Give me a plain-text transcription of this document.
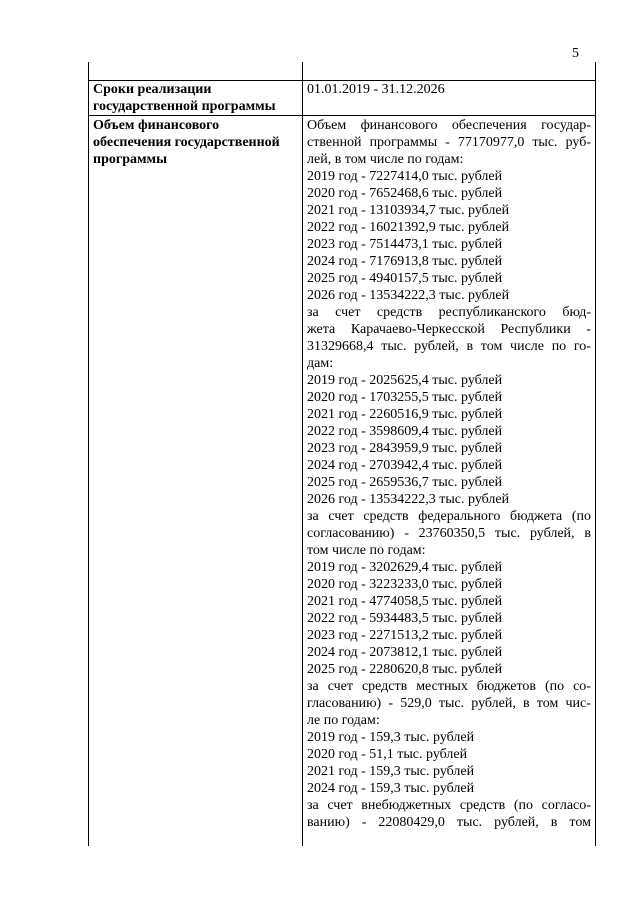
5
Сроки реализации
государственной программы
01.01.2019 - 31.12.2026
Объем финансового
обеспечения государственной
программы
Объем финансового обеспечения государ-
ственной программы - 77170977,0 тыс. руб-
лей, в том числе по годам:
2019 год - 7227414,0 тыс. рублей
2020 год - 7652468,6 тыс. рублей
2021 год - 13103934,7 тыс. рублей
2022 год - 16021392,9 тыс. рублей
2023 год - 7514473,1 тыс. рублей
2024 год - 7176913,8 тыс. рублей
2025 год - 4940157,5 тыс. рублей
2026 год - 13534222,3 тыс. рублей
за счет средств республиканского бюд-
жета Карачаево-Черкесской Республики -
31329668,4 тыс. рублей, в том числе по го-
дам:
2019 год - 2025625,4 тыс. рублей
2020 год - 1703255,5 тыс. рублей
2021 год - 2260516,9 тыс. рублей
2022 год - 3598609,4 тыс. рублей
2023 год - 2843959,9 тыс. рублей
2024 год - 2703942,4 тыс. рублей
2025 год - 2659536,7 тыс. рублей
2026 год - 13534222,3 тыс. рублей
за счет средств федерального бюджета (по
согласованию) - 23760350,5 тыс. рублей, в
том числе по годам:
2019 год - 3202629,4 тыс. рублей
2020 год - 3223233,0 тыс. рублей
2021 год - 4774058,5 тыс. рублей
2022 год - 5934483,5 тыс. рублей
2023 год - 2271513,2 тыс. рублей
2024 год - 2073812,1 тыс. рублей
2025 год - 2280620,8 тыс. рублей
за счет средств местных бюджетов (по со-
гласованию) - 529,0 тыс. рублей, в том чис-
ле по годам:
2019 год - 159,3 тыс. рублей
2020 год - 51,1 тыс. рублей
2021 год - 159,3 тыс. рублей
2024 год - 159,3 тыс. рублей
за счет внебюджетных средств (по согласо-
ванию) - 22080429,0 тыс. рублей, в том
